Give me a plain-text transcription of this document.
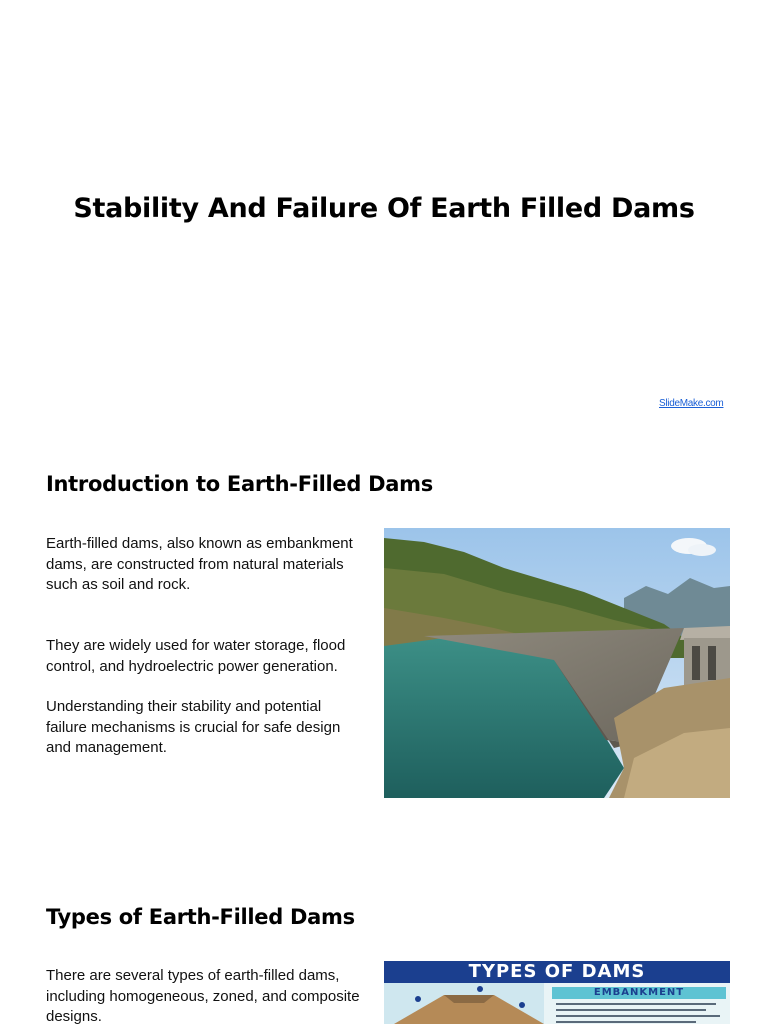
Stability And Failure Of Earth Filled Dams
SlideMake.com
Introduction to Earth-Filled Dams
Earth-filled dams, also known as embankment dams, are constructed from natural materials such as soil and rock.
They are widely used for water storage, flood control, and hydroelectric power generation.
Understanding their stability and potential failure mechanisms is crucial for safe design and management.
Types of Earth-Filled Dams
There are several types of earth-filled dams, including homogeneous, zoned, and composite designs.
TYPES OF DAMS
EMBANKMENT
